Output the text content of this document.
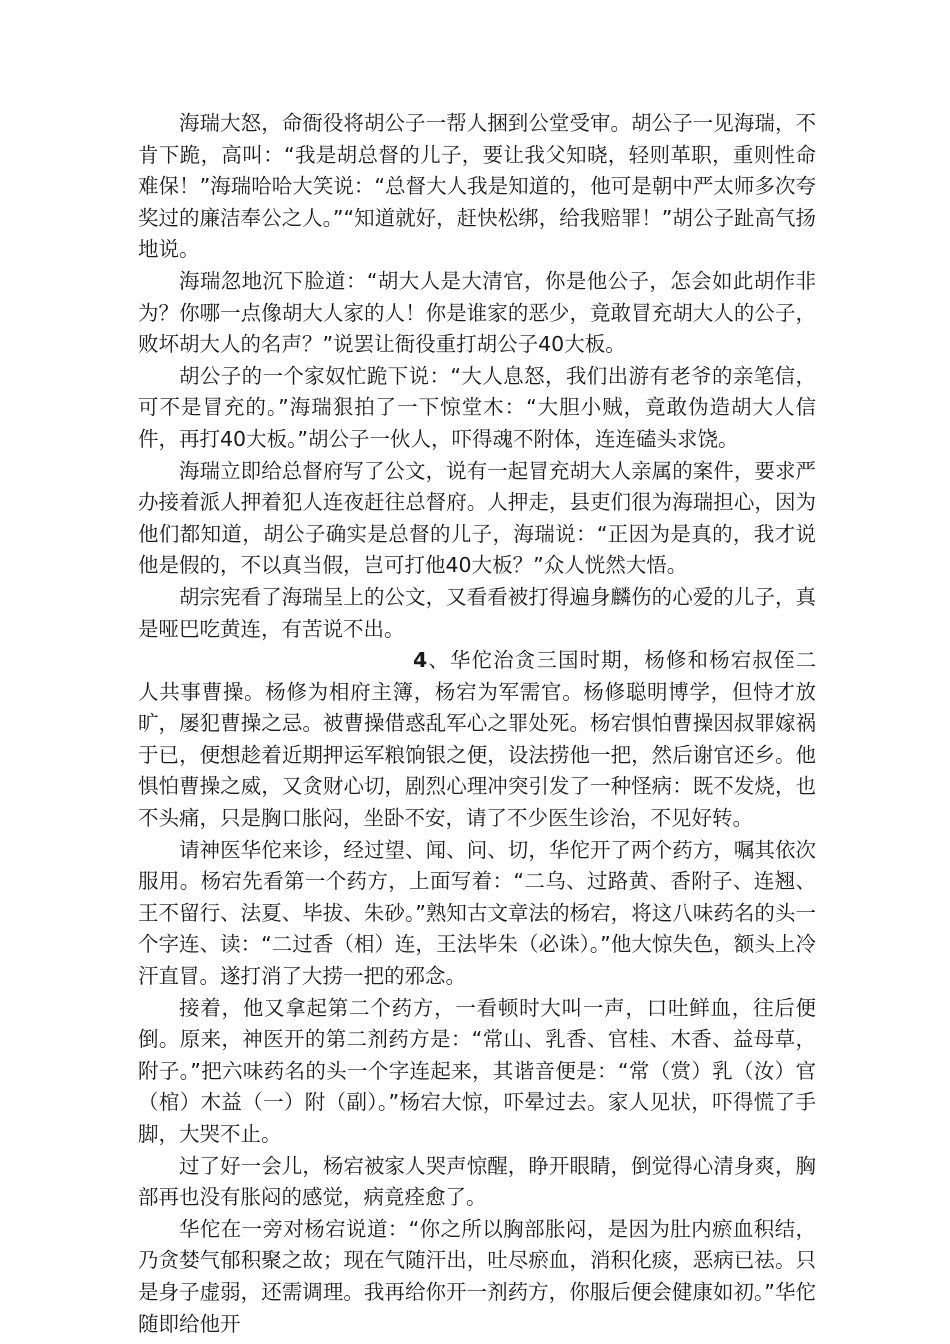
海瑞大怒，命衙役将胡公子一帮人捆到公堂受审。胡公子一见海瑞，不肯下跪，高叫：“我是胡总督的儿子，要让我父知晓，轻则革职，重则性命难保！”海瑞哈哈大笑说：“总督大人我是知道的，他可是朝中严太师多次夸奖过的廉洁奉公之人。”“知道就好，赶快松绑，给我赔罪！”胡公子趾高气扬地说。

海瑞忽地沉下脸道：“胡大人是大清官，你是他公子，怎会如此胡作非为？你哪一点像胡大人家的人！你是谁家的恶少，竟敢冒充胡大人的公子，败坏胡大人的名声？”说罢让衙役重打胡公子40大板。

胡公子的一个家奴忙跪下说：“大人息怒，我们出游有老爷的亲笔信，可不是冒充的。”海瑞狠拍了一下惊堂木：“大胆小贼，竟敢伪造胡大人信件，再打40大板。”胡公子一伙人，吓得魂不附体，连连磕头求饶。

海瑞立即给总督府写了公文，说有一起冒充胡大人亲属的案件，要求严办接着派人押着犯人连夜赶往总督府。人押走，县吏们很为海瑞担心，因为他们都知道，胡公子确实是总督的儿子，海瑞说：“正因为是真的，我才说他是假的，不以真当假，岂可打他40大板？”众人恍然大悟。

胡宗宪看了海瑞呈上的公文，又看看被打得遍身麟伤的心爱的儿子，真是哑巴吃黄连，有苦说不出。

4、华佗治贪三国时期，杨修和杨宕叔侄二人共事曹操。杨修为相府主簿，杨宕为军需官。杨修聪明博学，但恃才放旷，屡犯曹操之忌。被曹操借惑乱军心之罪处死。杨宕惧怕曹操因叔罪嫁祸于已，便想趁着近期押运军粮饷银之便，设法捞他一把，然后谢官还乡。他惧怕曹操之威，又贪财心切，剧烈心理冲突引发了一种怪病：既不发烧，也不头痛，只是胸口胀闷，坐卧不安，请了不少医生诊治，不见好转。

请神医华佗来诊，经过望、闻、问、切，华佗开了两个药方，嘱其依次服用。杨宕先看第一个药方，上面写着：“二乌、过路黄、香附子、连翘、王不留行、法夏、毕拔、朱砂。”熟知古文章法的杨宕，将这八味药名的头一个字连、读：“二过香（相）连，王法毕朱（必诛）。”他大惊失色，额头上冷汗直冒。遂打消了大捞一把的邪念。

接着，他又拿起第二个药方，一看顿时大叫一声，口吐鲜血，往后便倒。原来，神医开的第二剂药方是：“常山、乳香、官桂、木香、益母草，附子。”把六味药名的头一个字连起来，其谐音便是：“常（赏）乳（汝）官（棺）木益（一）附（副）。”杨宕大惊，吓晕过去。家人见状，吓得慌了手脚，大哭不止。

过了好一会儿，杨宕被家人哭声惊醒，睁开眼睛，倒觉得心清身爽，胸部再也没有胀闷的感觉，病竟痊愈了。

华佗在一旁对杨宕说道：“你之所以胸部胀闷，是因为肚内瘀血积结，乃贪婪气郁积聚之故；现在气随汗出，吐尽瘀血，消积化痰，恶病已祛。只是身子虚弱，还需调理。我再给你开一剂药方，你服后便会健康如初。”华佗随即给他开
